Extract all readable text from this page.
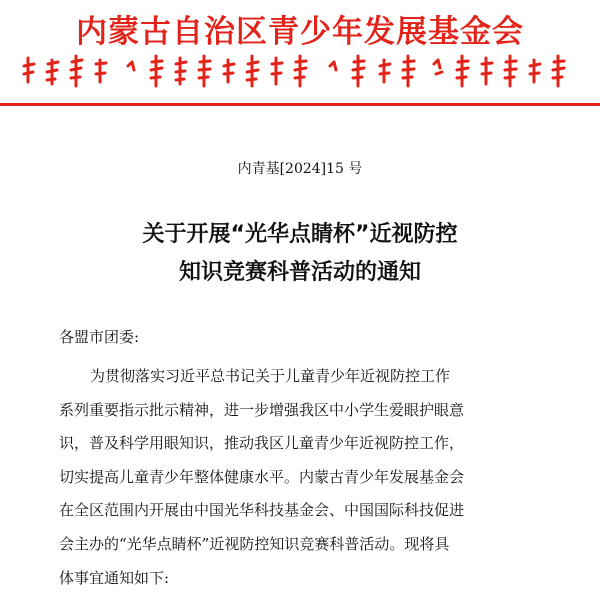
内蒙古自治区青少年发展基金会
内青基[2024]15 号
关于开展“光华点睛杯”近视防控
知识竞赛科普活动的通知
各盟市团委:
为贯彻落实习近平总书记关于儿童青少年近视防控工作
系列重要指示批示精神，进一步增强我区中小学生爱眼护眼意
识，普及科学用眼知识，推动我区儿童青少年近视防控工作，
切实提高儿童青少年整体健康水平。内蒙古青少年发展基金会
在全区范围内开展由中国光华科技基金会、中国国际科技促进
会主办的“光华点睛杯”近视防控知识竞赛科普活动。现将具
体事宜通知如下:
